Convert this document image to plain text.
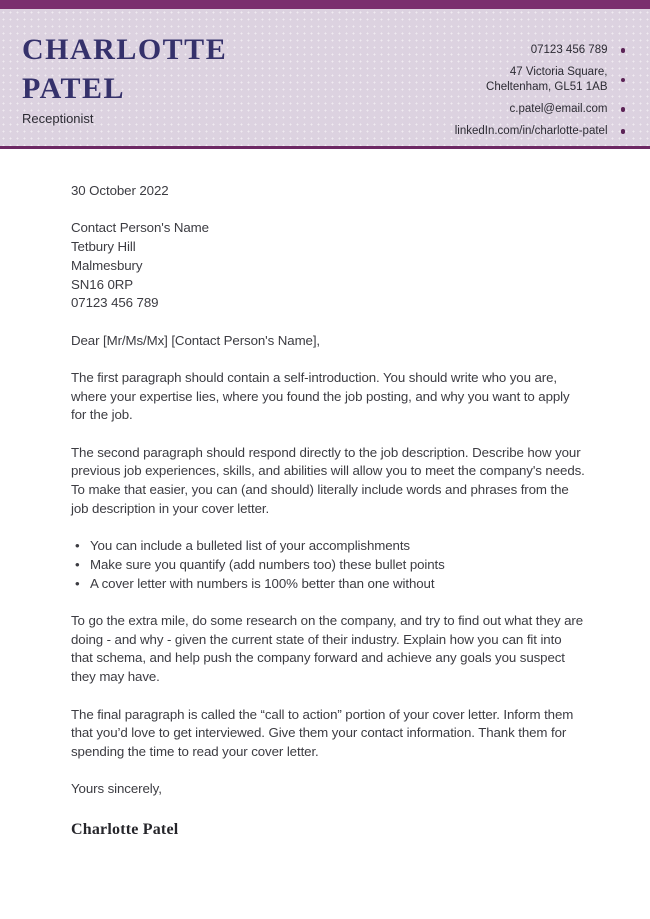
CHARLOTTE
PATEL
Receptionist
07123 456 789
47 Victoria Square,
Cheltenham, GL51 1AB
c.patel@email.com
linkedIn.com/in/charlotte-patel

30 October 2022

Contact Person's Name
Tetbury Hill
Malmesbury
SN16 0RP
07123 456 789

Dear [Mr/Ms/Mx] [Contact Person's Name],

The first paragraph should contain a self-introduction. You should write who you are, where your expertise lies, where you found the job posting, and why you want to apply for the job.

The second paragraph should respond directly to the job description. Describe how your previous job experiences, skills, and abilities will allow you to meet the company's needs. To make that easier, you can (and should) literally include words and phrases from the job description in your cover letter.

• You can include a bulleted list of your accomplishments
• Make sure you quantify (add numbers too) these bullet points
• A cover letter with numbers is 100% better than one without

To go the extra mile, do some research on the company, and try to find out what they are doing - and why - given the current state of their industry. Explain how you can fit into that schema, and help push the company forward and achieve any goals you suspect they may have.

The final paragraph is called the “call to action” portion of your cover letter. Inform them that you’d love to get interviewed. Give them your contact information. Thank them for spending the time to read your cover letter.

Yours sincerely,

Charlotte Patel
